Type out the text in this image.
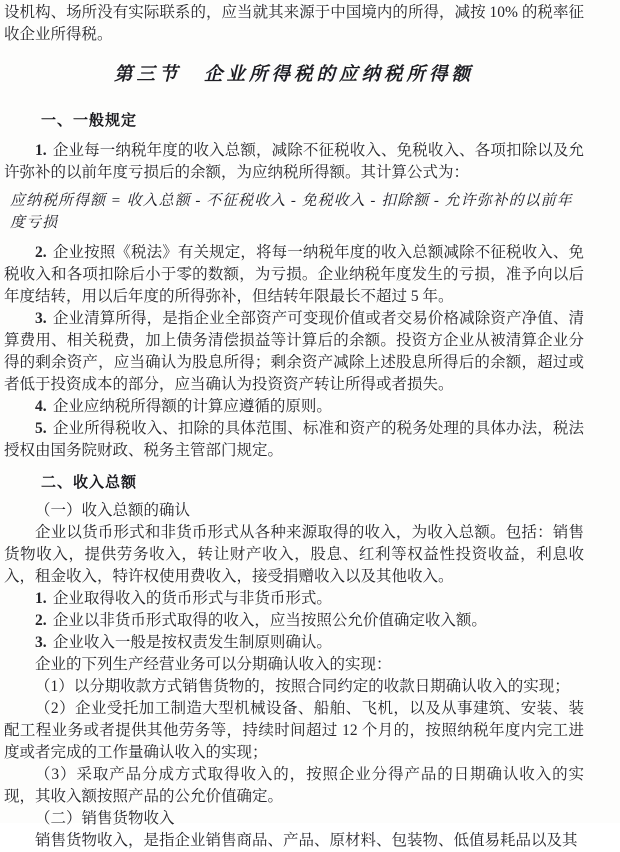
设机构、场所没有实际联系的，应当就其来源于中国境内的所得，减按 10% 的税率征收企业所得税。

第三节　企业所得税的应纳税所得额
一、一般规定

1. 企业每一纳税年度的收入总额，减除不征税收入、免税收入、各项扣除以及允许弥补的以前年度亏损后的余额，为应纳税所得额。其计算公式为：

应纳税所得额 = 收入总额 - 不征税收入 - 免税收入 - 扣除额 - 允许弥补的以前年度亏损

2. 企业按照《税法》有关规定，将每一纳税年度的收入总额减除不征税收入、免税收入和各项扣除后小于零的数额，为亏损。企业纳税年度发生的亏损，准予向以后年度结转，用以后年度的所得弥补，但结转年限最长不超过 5 年。

3. 企业清算所得，是指企业全部资产可变现价值或者交易价格减除资产净值、清算费用、相关税费，加上债务清偿损益等计算后的余额。投资方企业从被清算企业分得的剩余资产，应当确认为股息所得；剩余资产减除上述股息所得后的余额，超过或者低于投资成本的部分，应当确认为投资资产转让所得或者损失。

4. 企业应纳税所得额的计算应遵循的原则。

5. 企业所得税收入、扣除的具体范围、标准和资产的税务处理的具体办法，税法授权由国务院财政、税务主管部门规定。

二、收入总额

（一）收入总额的确认

企业以货币形式和非货币形式从各种来源取得的收入，为收入总额。包括：销售货物收入，提供劳务收入，转让财产收入，股息、红利等权益性投资收益，利息收入，租金收入，特许权使用费收入，接受捐赠收入以及其他收入。

1. 企业取得收入的货币形式与非货币形式。

2. 企业以非货币形式取得的收入，应当按照公允价值确定收入额。

3. 企业收入一般是按权责发生制原则确认。

企业的下列生产经营业务可以分期确认收入的实现：

（1）以分期收款方式销售货物的，按照合同约定的收款日期确认收入的实现；

（2）企业受托加工制造大型机械设备、船舶、飞机，以及从事建筑、安装、装配工程业务或者提供其他劳务等，持续时间超过 12 个月的，按照纳税年度内完工进度或者完成的工作量确认收入的实现；

（3）采取产品分成方式取得收入的，按照企业分得产品的日期确认收入的实现，其收入额按照产品的公允价值确定。

（二）销售货物收入

销售货物收入，是指企业销售商品、产品、原材料、包装物、低值易耗品以及其
